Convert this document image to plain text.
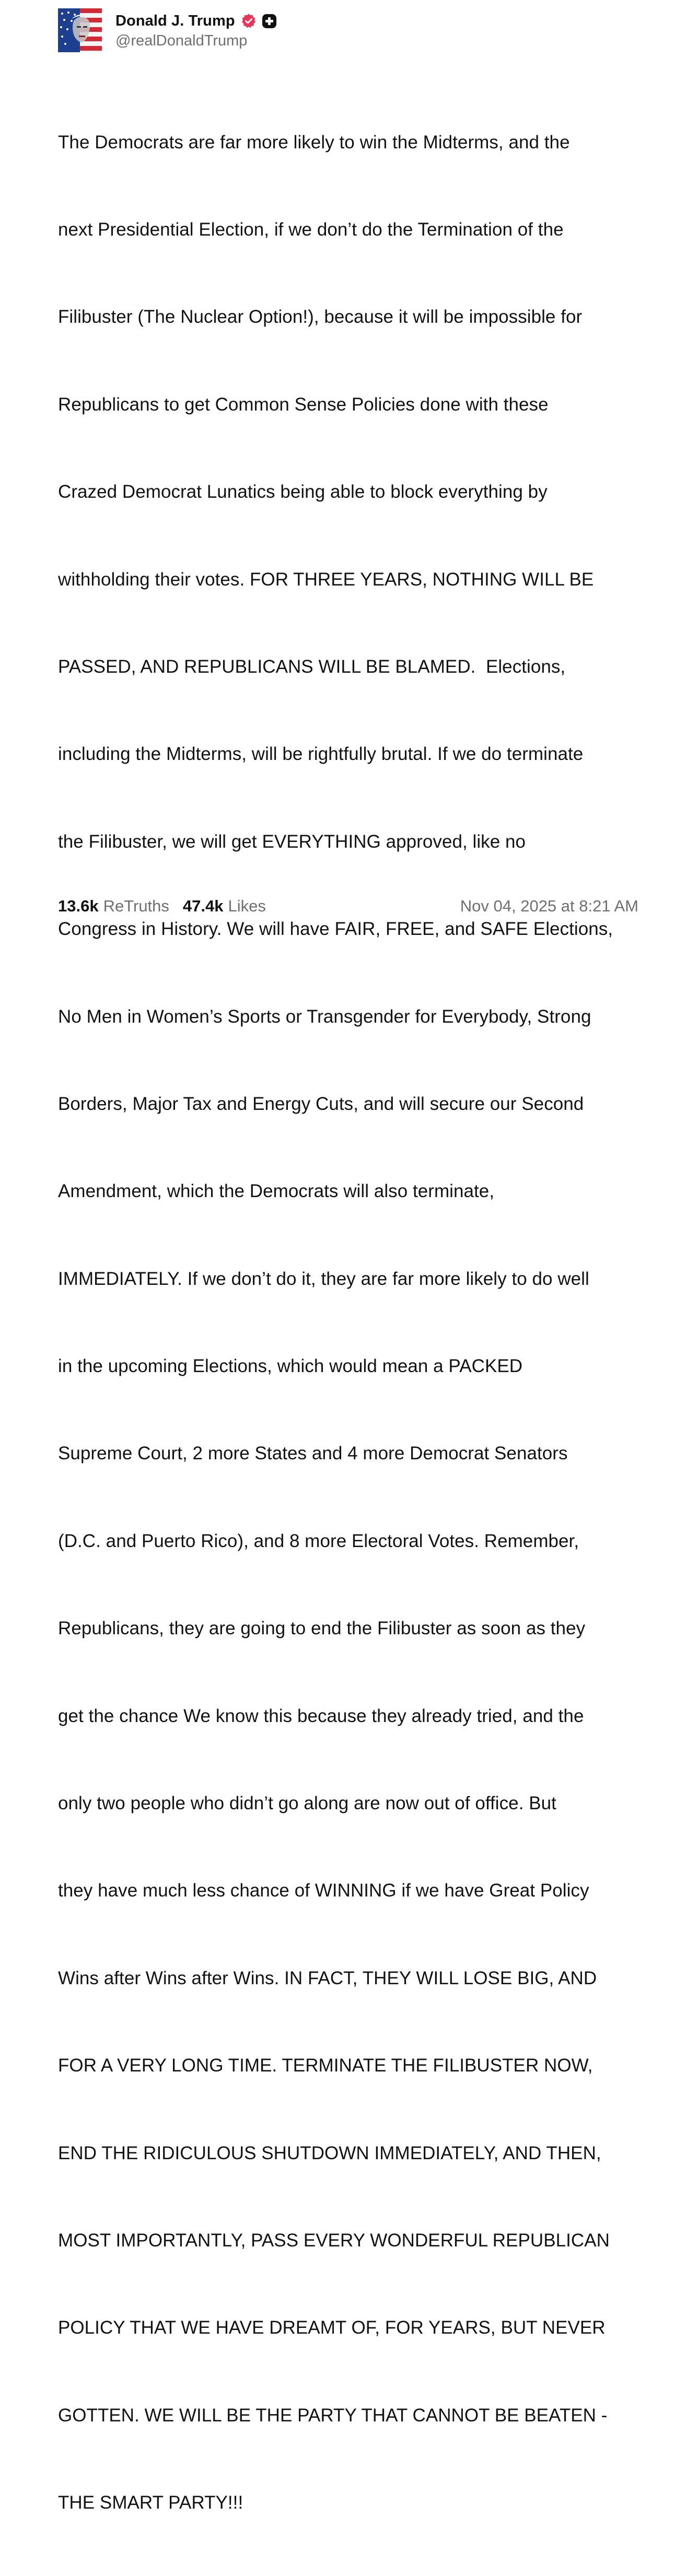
Donald J. Trump
@realDonaldTrump

The Democrats are far more likely to win the Midterms, and the

next Presidential Election, if we don’t do the Termination of the

Filibuster (The Nuclear Option!), because it will be impossible for

Republicans to get Common Sense Policies done with these

Crazed Democrat Lunatics being able to block everything by

withholding their votes. FOR THREE YEARS, NOTHING WILL BE

PASSED, AND REPUBLICANS WILL BE BLAMED.  Elections,

including the Midterms, will be rightfully brutal. If we do terminate

the Filibuster, we will get EVERYTHING approved, like no

Congress in History. We will have FAIR, FREE, and SAFE Elections,

No Men in Women’s Sports or Transgender for Everybody, Strong

Borders, Major Tax and Energy Cuts, and will secure our Second

Amendment, which the Democrats will also terminate,

IMMEDIATELY. If we don’t do it, they are far more likely to do well

in the upcoming Elections, which would mean a PACKED

Supreme Court, 2 more States and 4 more Democrat Senators

(D.C. and Puerto Rico), and 8 more Electoral Votes. Remember,

Republicans, they are going to end the Filibuster as soon as they

get the chance We know this because they already tried, and the

only two people who didn’t go along are now out of office. But

they have much less chance of WINNING if we have Great Policy

Wins after Wins after Wins. IN FACT, THEY WILL LOSE BIG, AND

FOR A VERY LONG TIME. TERMINATE THE FILIBUSTER NOW,

END THE RIDICULOUS SHUTDOWN IMMEDIATELY, AND THEN,

MOST IMPORTANTLY, PASS EVERY WONDERFUL REPUBLICAN

POLICY THAT WE HAVE DREAMT OF, FOR YEARS, BUT NEVER

GOTTEN. WE WILL BE THE PARTY THAT CANNOT BE BEATEN -

THE SMART PARTY!!!

13.6k ReTruths 47.4k Likes	Nov 04, 2025 at 8:21 AM
